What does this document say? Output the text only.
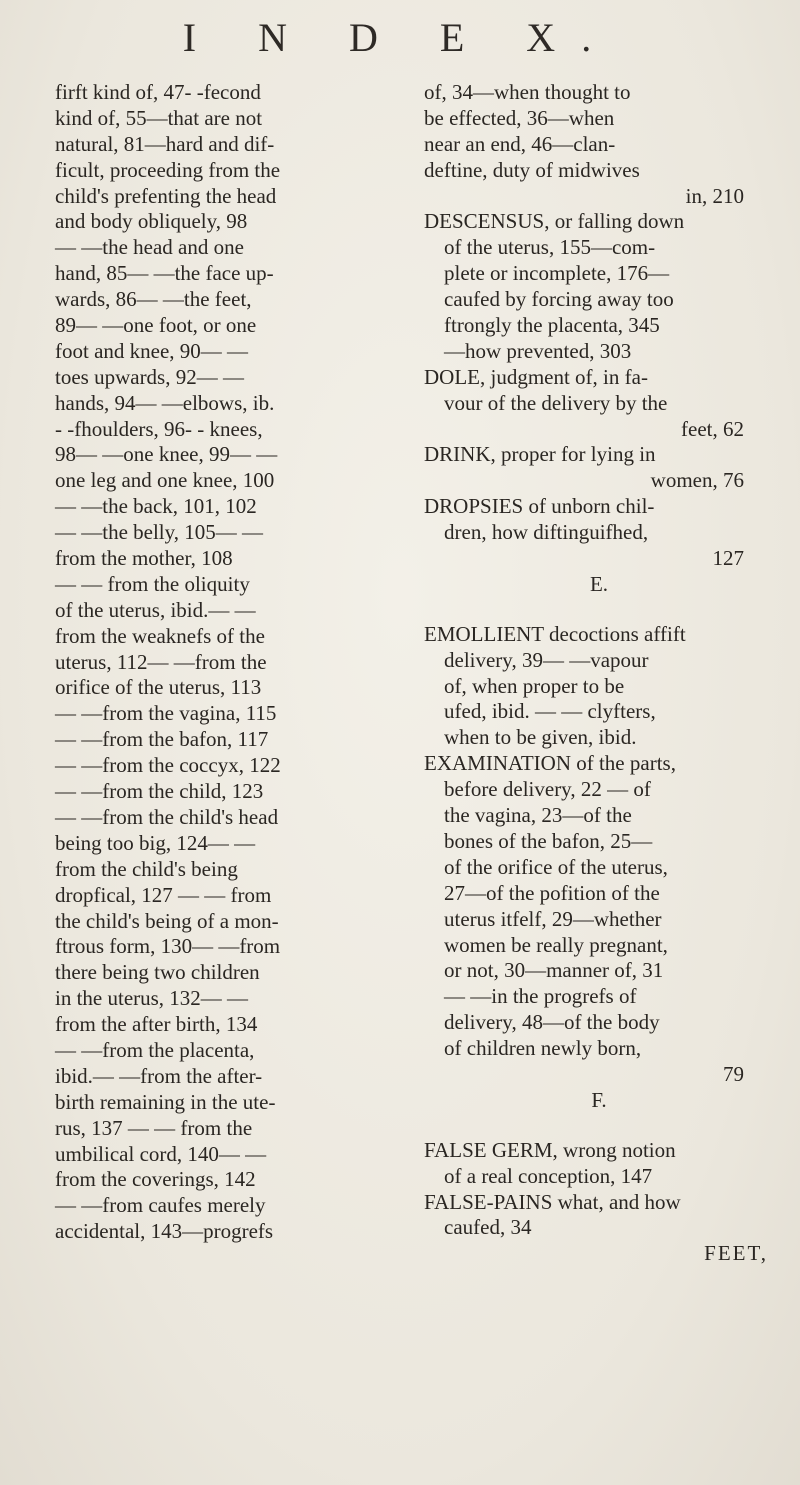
I N D E X.
firft kind of, 47- -fecond
kind of, 55—that are not
natural, 81—hard and dif-
ficult, proceeding from the
child's prefenting the head
and body obliquely, 98
— —the head and one
hand, 85— —the face up-
wards, 86— —the feet,
89— —one foot, or one
foot and knee, 90— —
toes upwards, 92— —
hands, 94— —elbows, ib.
- -fhoulders, 96- - knees,
98— —one knee, 99— —
one leg and one knee, 100
— —the back, 101, 102
— —the belly, 105— —
from the mother, 108
— — from the oliquity
of the uterus, ibid.— —
from the weaknefs of the
uterus, 112— —from the
orifice of the uterus, 113
— —from the vagina, 115
— —from the bafon, 117
— —from the coccyx, 122
— —from the child, 123
— —from the child's head
being too big, 124— —
from the child's being
dropfical, 127 — — from
the child's being of a mon-
ftrous form, 130— —from
there being two children
in the uterus, 132— —
from the after birth, 134
— —from the placenta,
ibid.— —from the after-
birth remaining in the ute-
rus, 137 — — from the
umbilical cord, 140— —
from the coverings, 142
— —from caufes merely
accidental, 143—progrefs
of, 34—when thought to
be effected, 36—when
near an end, 46—clan-
deftine, duty of midwives
in, 210
DESCENSUS, or falling down
of the uterus, 155—com-
plete or incomplete, 176—
caufed by forcing away too
ftrongly the placenta, 345
—how prevented, 303
DOLE, judgment of, in fa-
vour of the delivery by the
feet, 62
DRINK, proper for lying in
women, 76
DROPSIES of unborn chil-
dren, how diftinguifhed,
127
E.
EMOLLIENT decoctions affift
delivery, 39— —vapour
of, when proper to be
ufed, ibid. — — clyfters,
when to be given, ibid.
EXAMINATION of the parts,
before delivery, 22 — of
the vagina, 23—of the
bones of the bafon, 25—
of the orifice of the uterus,
27—of the pofition of the
uterus itfelf, 29—whether
women be really pregnant,
or not, 30—manner of, 31
— —in the progrefs of
delivery, 48—of the body
of children newly born,
79
F.
FALSE GERM, wrong notion
of a real conception, 147
FALSE-PAINS what, and how
caufed, 34
FEET,
